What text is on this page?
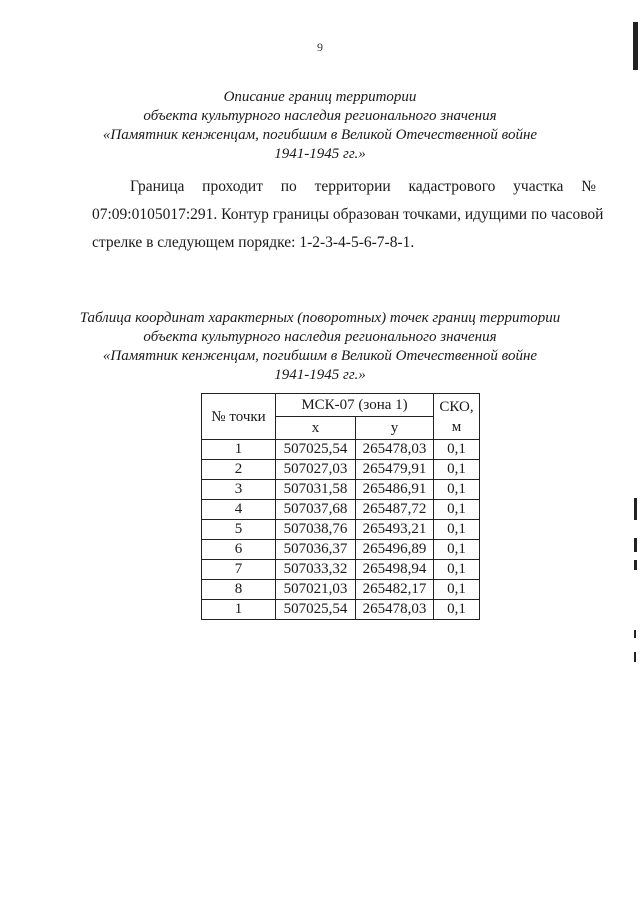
9
Описание границ территории
объекта культурного наследия регионального значения
«Памятник кенженцам, погибшим в Великой Отечественной войне
1941-1945 гг.»
Граница проходит по территории кадастрового участка №
07:09:0105017:291. Контур границы образован точками, идущими по часовой
стрелке в следующем порядке: 1-2-3-4-5-6-7-8-1.
Таблица координат характерных (поворотных) точек границ территории
объекта культурного наследия регионального значения
«Памятник кенженцам, погибшим в Великой Отечественной войне
1941-1945 гг.»
№ точки	МСК-07 (зона 1)		СКО,
м
	x	y	
1	507025,54	265478,03	0,1
2	507027,03	265479,91	0,1
3	507031,58	265486,91	0,1
4	507037,68	265487,72	0,1
5	507038,76	265493,21	0,1
6	507036,37	265496,89	0,1
7	507033,32	265498,94	0,1
8	507021,03	265482,17	0,1
1	507025,54	265478,03	0,1
